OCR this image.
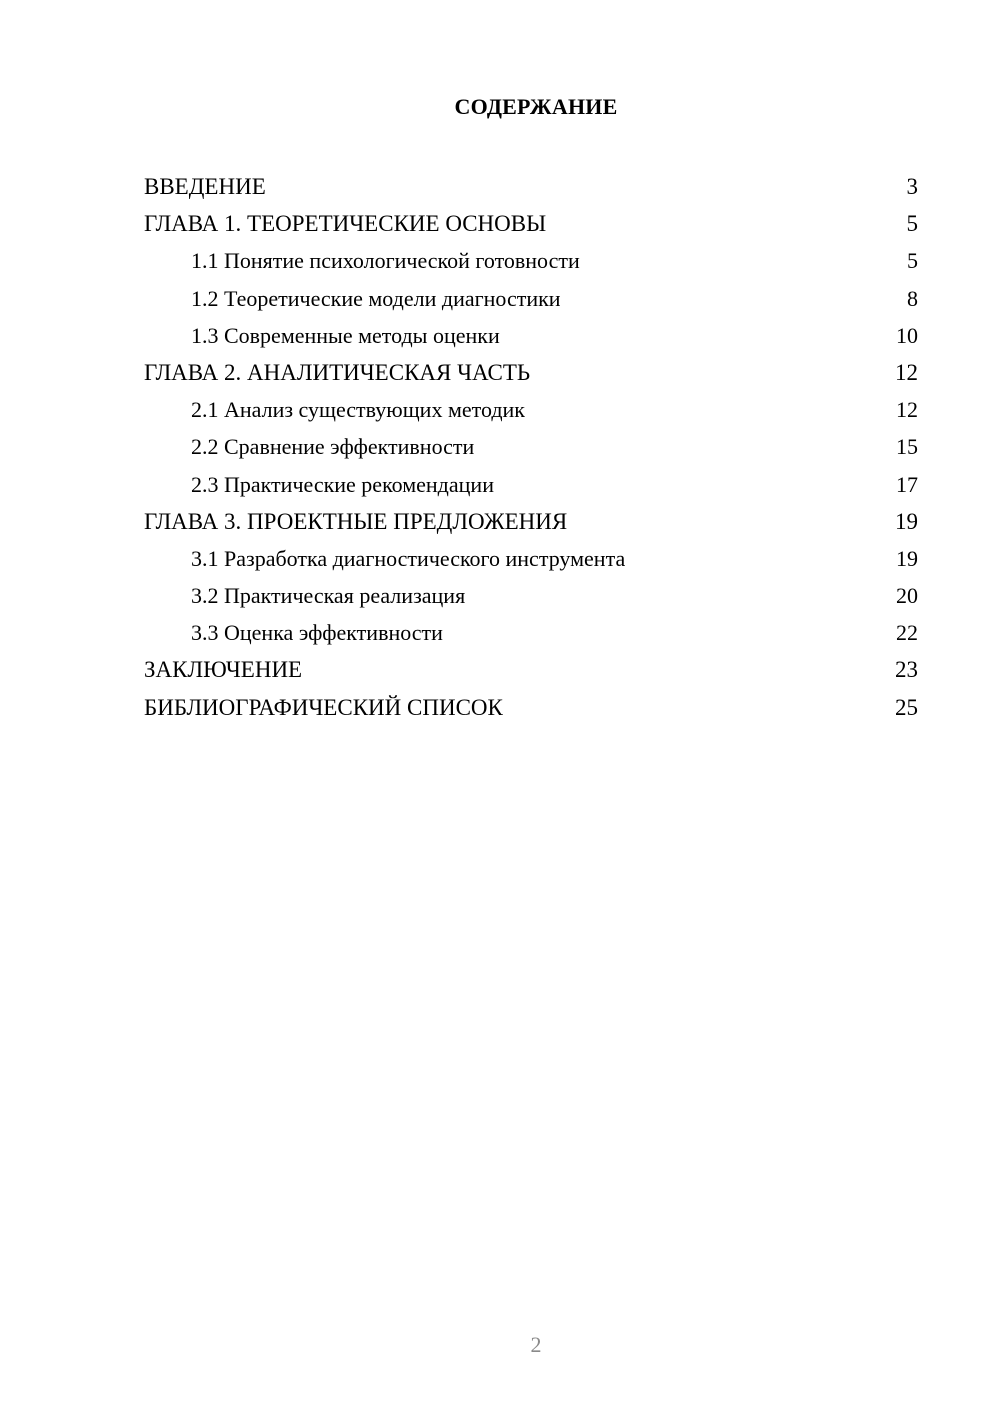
СОДЕРЖАНИЕ
ВВЕДЕНИЕ	3
ГЛАВА 1. ТЕОРЕТИЧЕСКИЕ ОСНОВЫ	5
1.1 Понятие психологической готовности	5
1.2 Теоретические модели диагностики	8
1.3 Современные методы оценки	10
ГЛАВА 2. АНАЛИТИЧЕСКАЯ ЧАСТЬ	12
2.1 Анализ существующих методик	12
2.2 Сравнение эффективности	15
2.3 Практические рекомендации	17
ГЛАВА 3. ПРОЕКТНЫЕ ПРЕДЛОЖЕНИЯ	19
3.1 Разработка диагностического инструмента	19
3.2 Практическая реализация	20
3.3 Оценка эффективности	22
ЗАКЛЮЧЕНИЕ	23
БИБЛИОГРАФИЧЕСКИЙ СПИСОК	25
2
